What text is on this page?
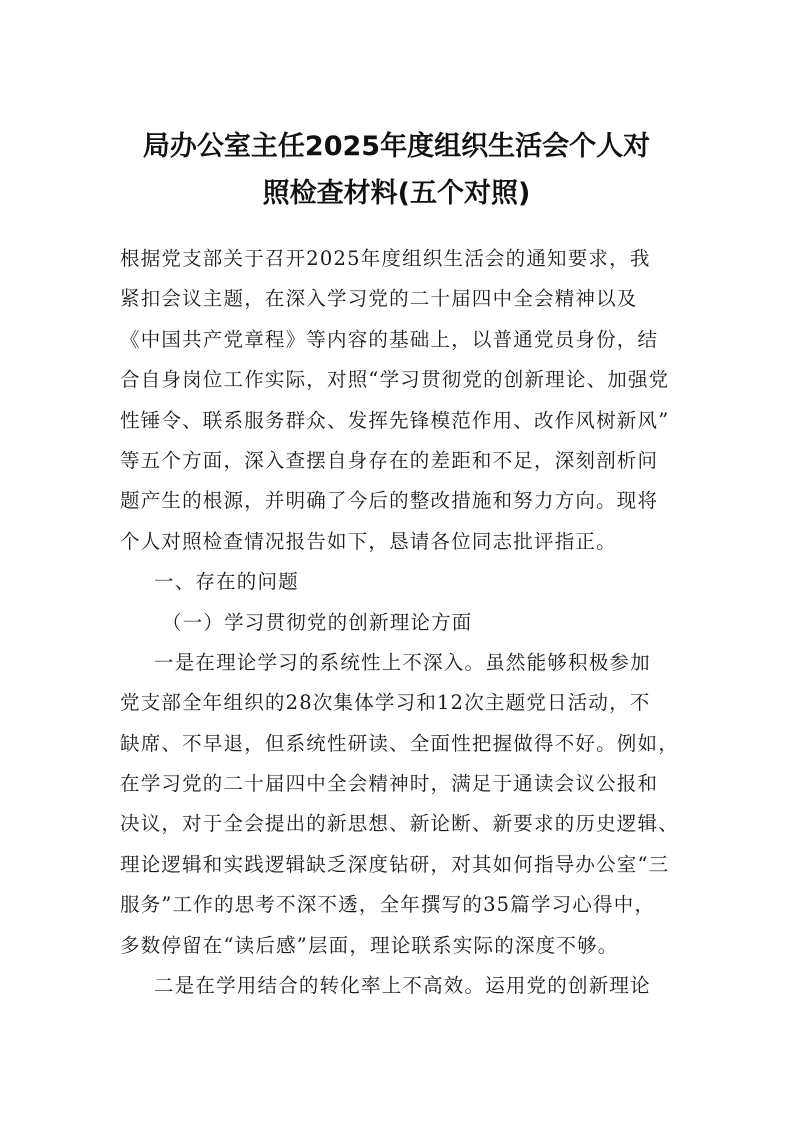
局办公室主任2025年度组织生活会个人对
照检查材料(五个对照)
根据党支部关于召开2025年度组织生活会的通知要求，我
紧扣会议主题，在深入学习党的二十届四中全会精神以及
《中国共产党章程》等内容的基础上，以普通党员身份，结
合自身岗位工作实际，对照“学习贯彻党的创新理论、加强党
性锤令、联系服务群众、发挥先锋模范作用、改作风树新风”
等五个方面，深入查摆自身存在的差距和不足，深刻剖析问
题产生的根源，并明确了今后的整改措施和努力方向。现将
个人对照检查情况报告如下，恳请各位同志批评指正。
一、存在的问题
（一）学习贯彻党的创新理论方面
一是在理论学习的系统性上不深入。虽然能够积极参加
党支部全年组织的28次集体学习和12次主题党日活动，不
缺席、不早退，但系统性研读、全面性把握做得不好。例如，
在学习党的二十届四中全会精神时，满足于通读会议公报和
决议，对于全会提出的新思想、新论断、新要求的历史逻辑、
理论逻辑和实践逻辑缺乏深度钻研，对其如何指导办公室“三
服务”工作的思考不深不透，全年撰写的35篇学习心得中，
多数停留在“读后感”层面，理论联系实际的深度不够。
二是在学用结合的转化率上不高效。运用党的创新理论
